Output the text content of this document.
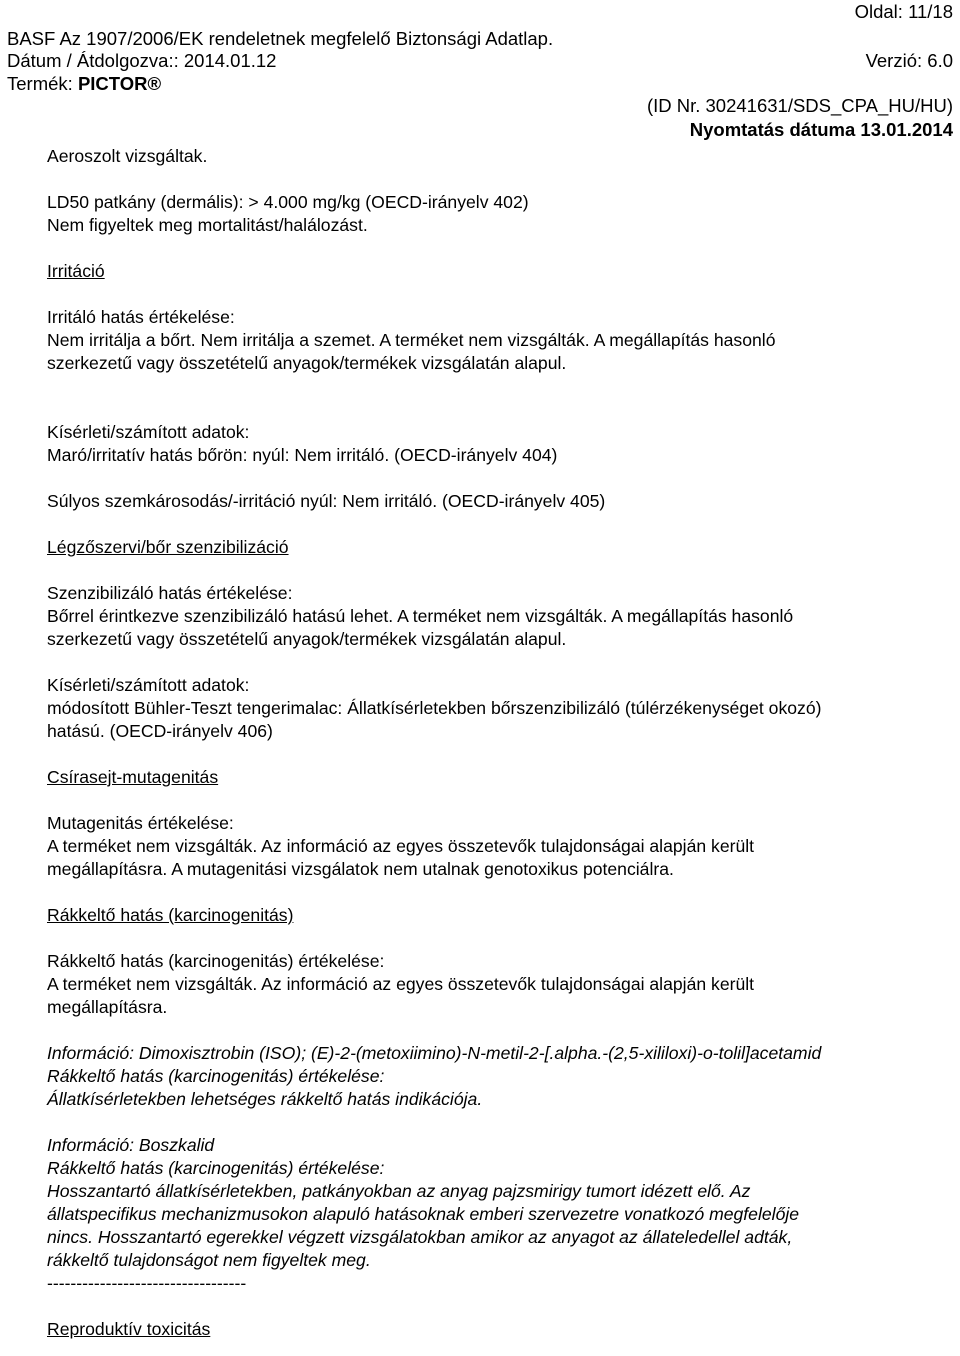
Oldal: 11/18
BASF Az 1907/2006/EK rendeletnek megfelelő Biztonsági Adatlap.
Dátum / Átdolgozva:: 2014.01.12	Verzió: 6.0
Termék: PICTOR®
(ID Nr. 30241631/SDS_CPA_HU/HU)
Nyomtatás dátuma 13.01.2014

Aeroszolt vizsgáltak.

LD50 patkány (dermális): > 4.000 mg/kg (OECD-irányelv 402)

Nem figyeltek meg mortalitást/halálozást.

Irritáció

Irritáló hatás értékelése:

Nem irritálja a bőrt. Nem irritálja a szemet. A terméket nem vizsgálták. A megállapítás hasonló

szerkezetű vagy összetételű anyagok/termékek vizsgálatán alapul.

Kísérleti/számított adatok:

Maró/irritatív hatás bőrön: nyúl: Nem irritáló. (OECD-irányelv 404)

Súlyos szemkárosodás/-irritáció nyúl: Nem irritáló. (OECD-irányelv 405)

Légzőszervi/bőr szenzibilizáció

Szenzibilizáló hatás értékelése:

Bőrrel érintkezve szenzibilizáló hatású lehet. A terméket nem vizsgálták. A megállapítás hasonló

szerkezetű vagy összetételű anyagok/termékek vizsgálatán alapul.

Kísérleti/számított adatok:

módosított Bühler-Teszt tengerimalac: Állatkísérletekben bőrszenzibilizáló (túlérzékenységet okozó)

hatású. (OECD-irányelv 406)

Csírasejt-mutagenitás

Mutagenitás értékelése:

A terméket nem vizsgálták. Az információ az egyes összetevők tulajdonságai alapján került

megállapításra. A mutagenitási vizsgálatok nem utalnak genotoxikus potenciálra.

Rákkeltő hatás (karcinogenitás)

Rákkeltő hatás (karcinogenitás) értékelése:

A terméket nem vizsgálták. Az információ az egyes összetevők tulajdonságai alapján került

megállapításra.

Információ: Dimoxisztrobin (ISO); (E)-2-(metoxiimino)-N-metil-2-[.alpha.-(2,5-xililoxi)-o-tolil]acetamid

Rákkeltő hatás (karcinogenitás) értékelése:

Állatkísérletekben lehetséges rákkeltő hatás indikációja.

Információ: Boszkalid

Rákkeltő hatás (karcinogenitás) értékelése:

Hosszantartó állatkísérletekben, patkányokban az anyag pajzsmirigy tumort idézett elő. Az

állatspecifikus mechanizmusokon alapuló hatásoknak emberi szervezetre vonatkozó megfelelője

nincs. Hosszantartó egerekkel végzett vizsgálatokban amikor az anyagot az állateledellel adták,

rákkeltő tulajdonságot nem figyeltek meg.

----------------------------------

Reproduktív toxicitás
